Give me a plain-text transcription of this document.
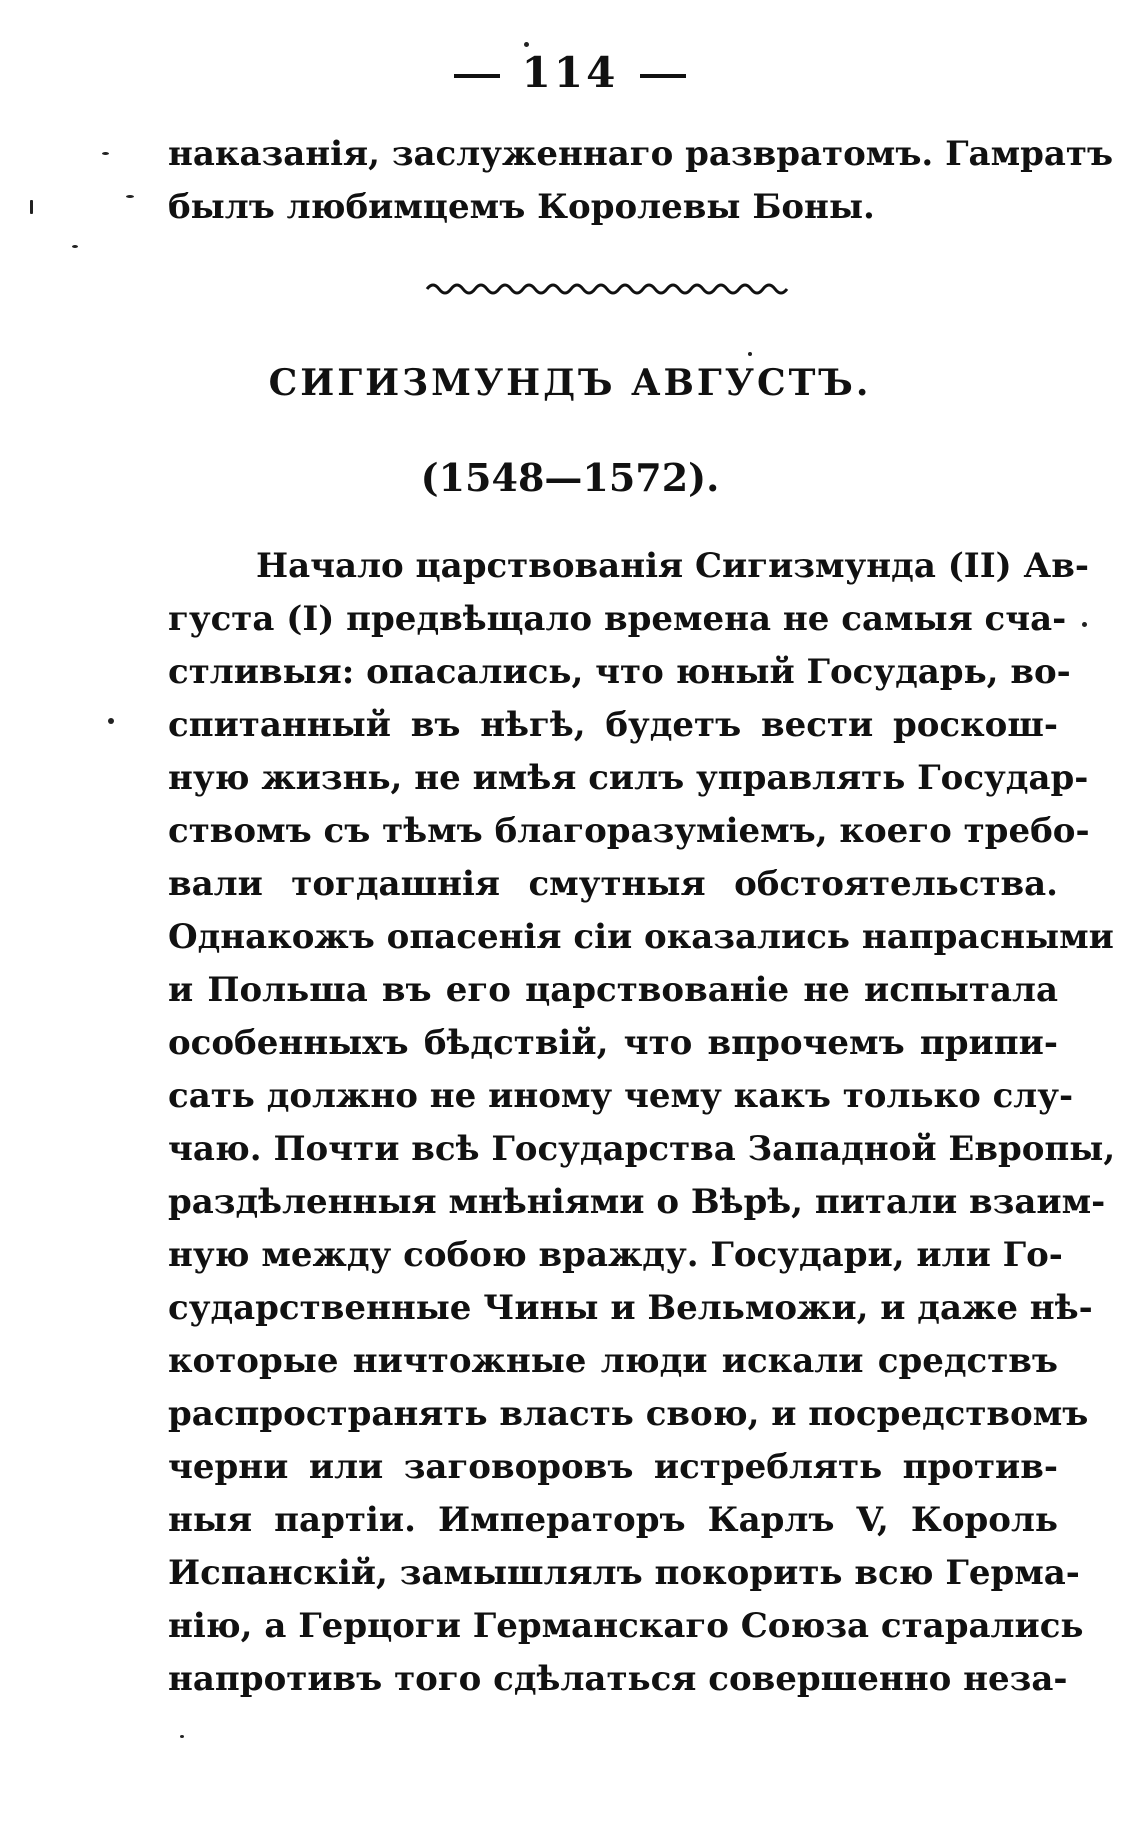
114
наказанія, заслуженнаго развратомъ. Гамратъ
былъ любимцемъ Королевы Боны.
СИГИЗМУНДЪ АВГУСТЪ.
(1548—1572).
Начало царствованія Сигизмунда (II) Ав-
густа (I) предвѣщало времена не самыя сча-
стливыя: опасались, что юный Государь, во-
спитанный въ нѣгѣ, будетъ вести роскош-
ную жизнь, не имѣя силъ управлять Государ-
ствомъ съ тѣмъ благоразуміемъ, коего требо-
вали тогдашнія смутныя обстоятельства.
Однакожъ опасенія сіи оказались напрасными
и Польша въ его царствованіе не испытала
особенныхъ бѣдствій, что впрочемъ припи-
сать должно не иному чему какъ только слу-
чаю. Почти всѣ Государства Западной Европы,
раздѣленныя мнѣніями о Вѣрѣ, питали взаим-
ную между собою вражду. Государи, или Го-
сударственные Чины и Вельможи, и даже нѣ-
которые ничтожные люди искали средствъ
распространять власть свою, и посредствомъ
черни или заговоровъ истреблять против-
ныя партіи. Императоръ Карлъ V, Король
Испанскій, замышлялъ покорить всю Герма-
нію, а Герцоги Германскаго Союза старались
напротивъ того сдѣлаться совершенно неза-
